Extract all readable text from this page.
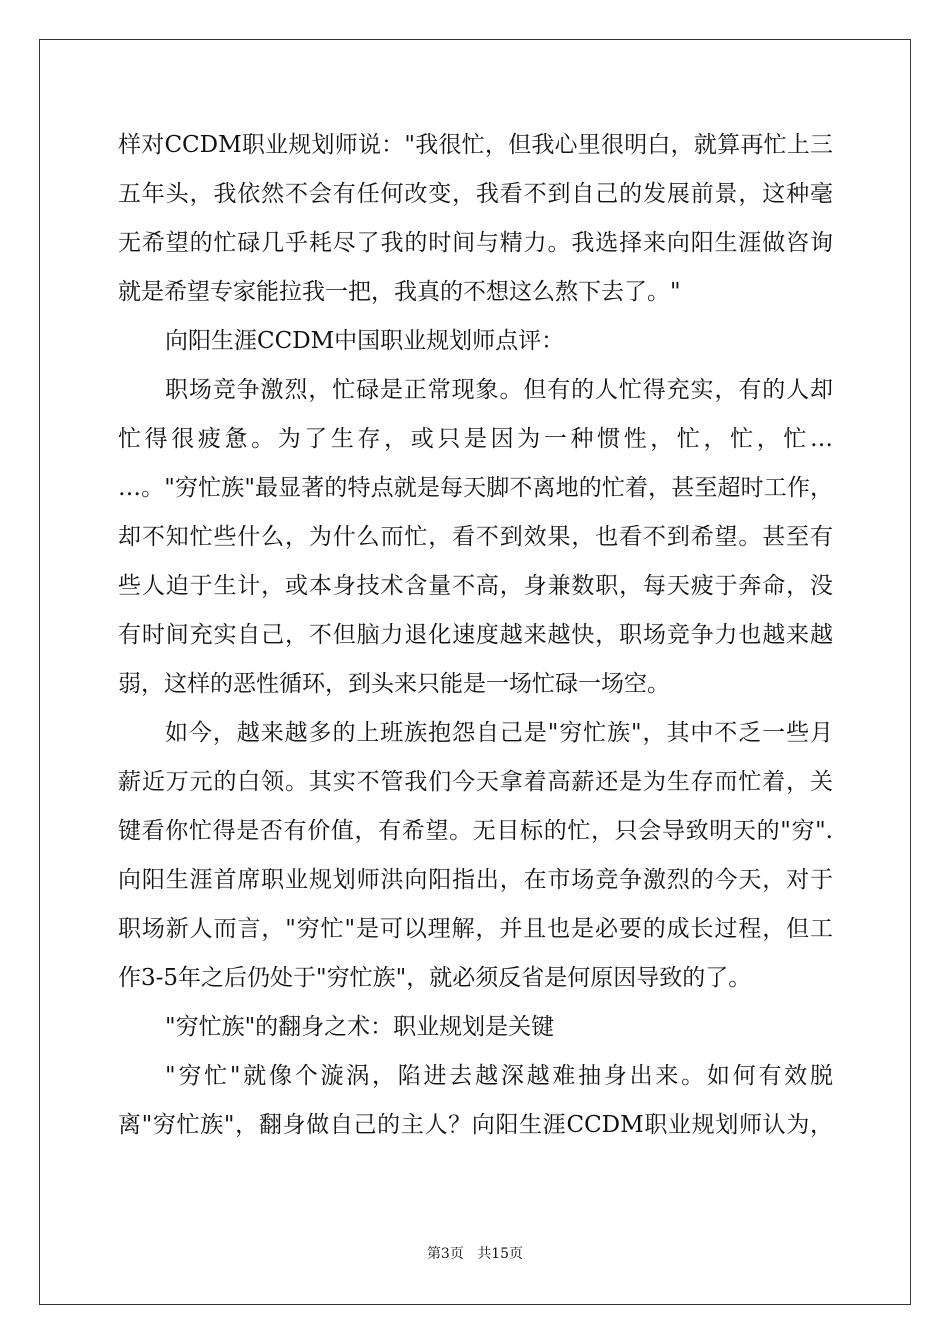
样对CCDM职业规划师说："我很忙，但我心里很明白，就算再忙上三
五年头，我依然不会有任何改变，我看不到自己的发展前景，这种毫
无希望的忙碌几乎耗尽了我的时间与精力。我选择来向阳生涯做咨询
就是希望专家能拉我一把，我真的不想这么熬下去了。"
向阳生涯CCDM中国职业规划师点评：
职场竞争激烈，忙碌是正常现象。但有的人忙得充实，有的人却
忙得很疲惫。为了生存，或只是因为一种惯性，忙，忙，忙…
…。"穷忙族"最显著的特点就是每天脚不离地的忙着，甚至超时工作，
却不知忙些什么，为什么而忙，看不到效果，也看不到希望。甚至有
些人迫于生计，或本身技术含量不高，身兼数职，每天疲于奔命，没
有时间充实自己，不但脑力退化速度越来越快，职场竞争力也越来越
弱，这样的恶性循环，到头来只能是一场忙碌一场空。
如今，越来越多的上班族抱怨自己是"穷忙族"，其中不乏一些月
薪近万元的白领。其实不管我们今天拿着高薪还是为生存而忙着，关
键看你忙得是否有价值，有希望。无目标的忙，只会导致明天的"穷".
向阳生涯首席职业规划师洪向阳指出，在市场竞争激烈的今天，对于
职场新人而言，"穷忙"是可以理解，并且也是必要的成长过程，但工
作3-5年之后仍处于"穷忙族"，就必须反省是何原因导致的了。
"穷忙族"的翻身之术：职业规划是关键
"穷忙"就像个漩涡，陷进去越深越难抽身出来。如何有效脱
离"穷忙族"，翻身做自己的主人？向阳生涯CCDM职业规划师认为，
第3页 共15页
